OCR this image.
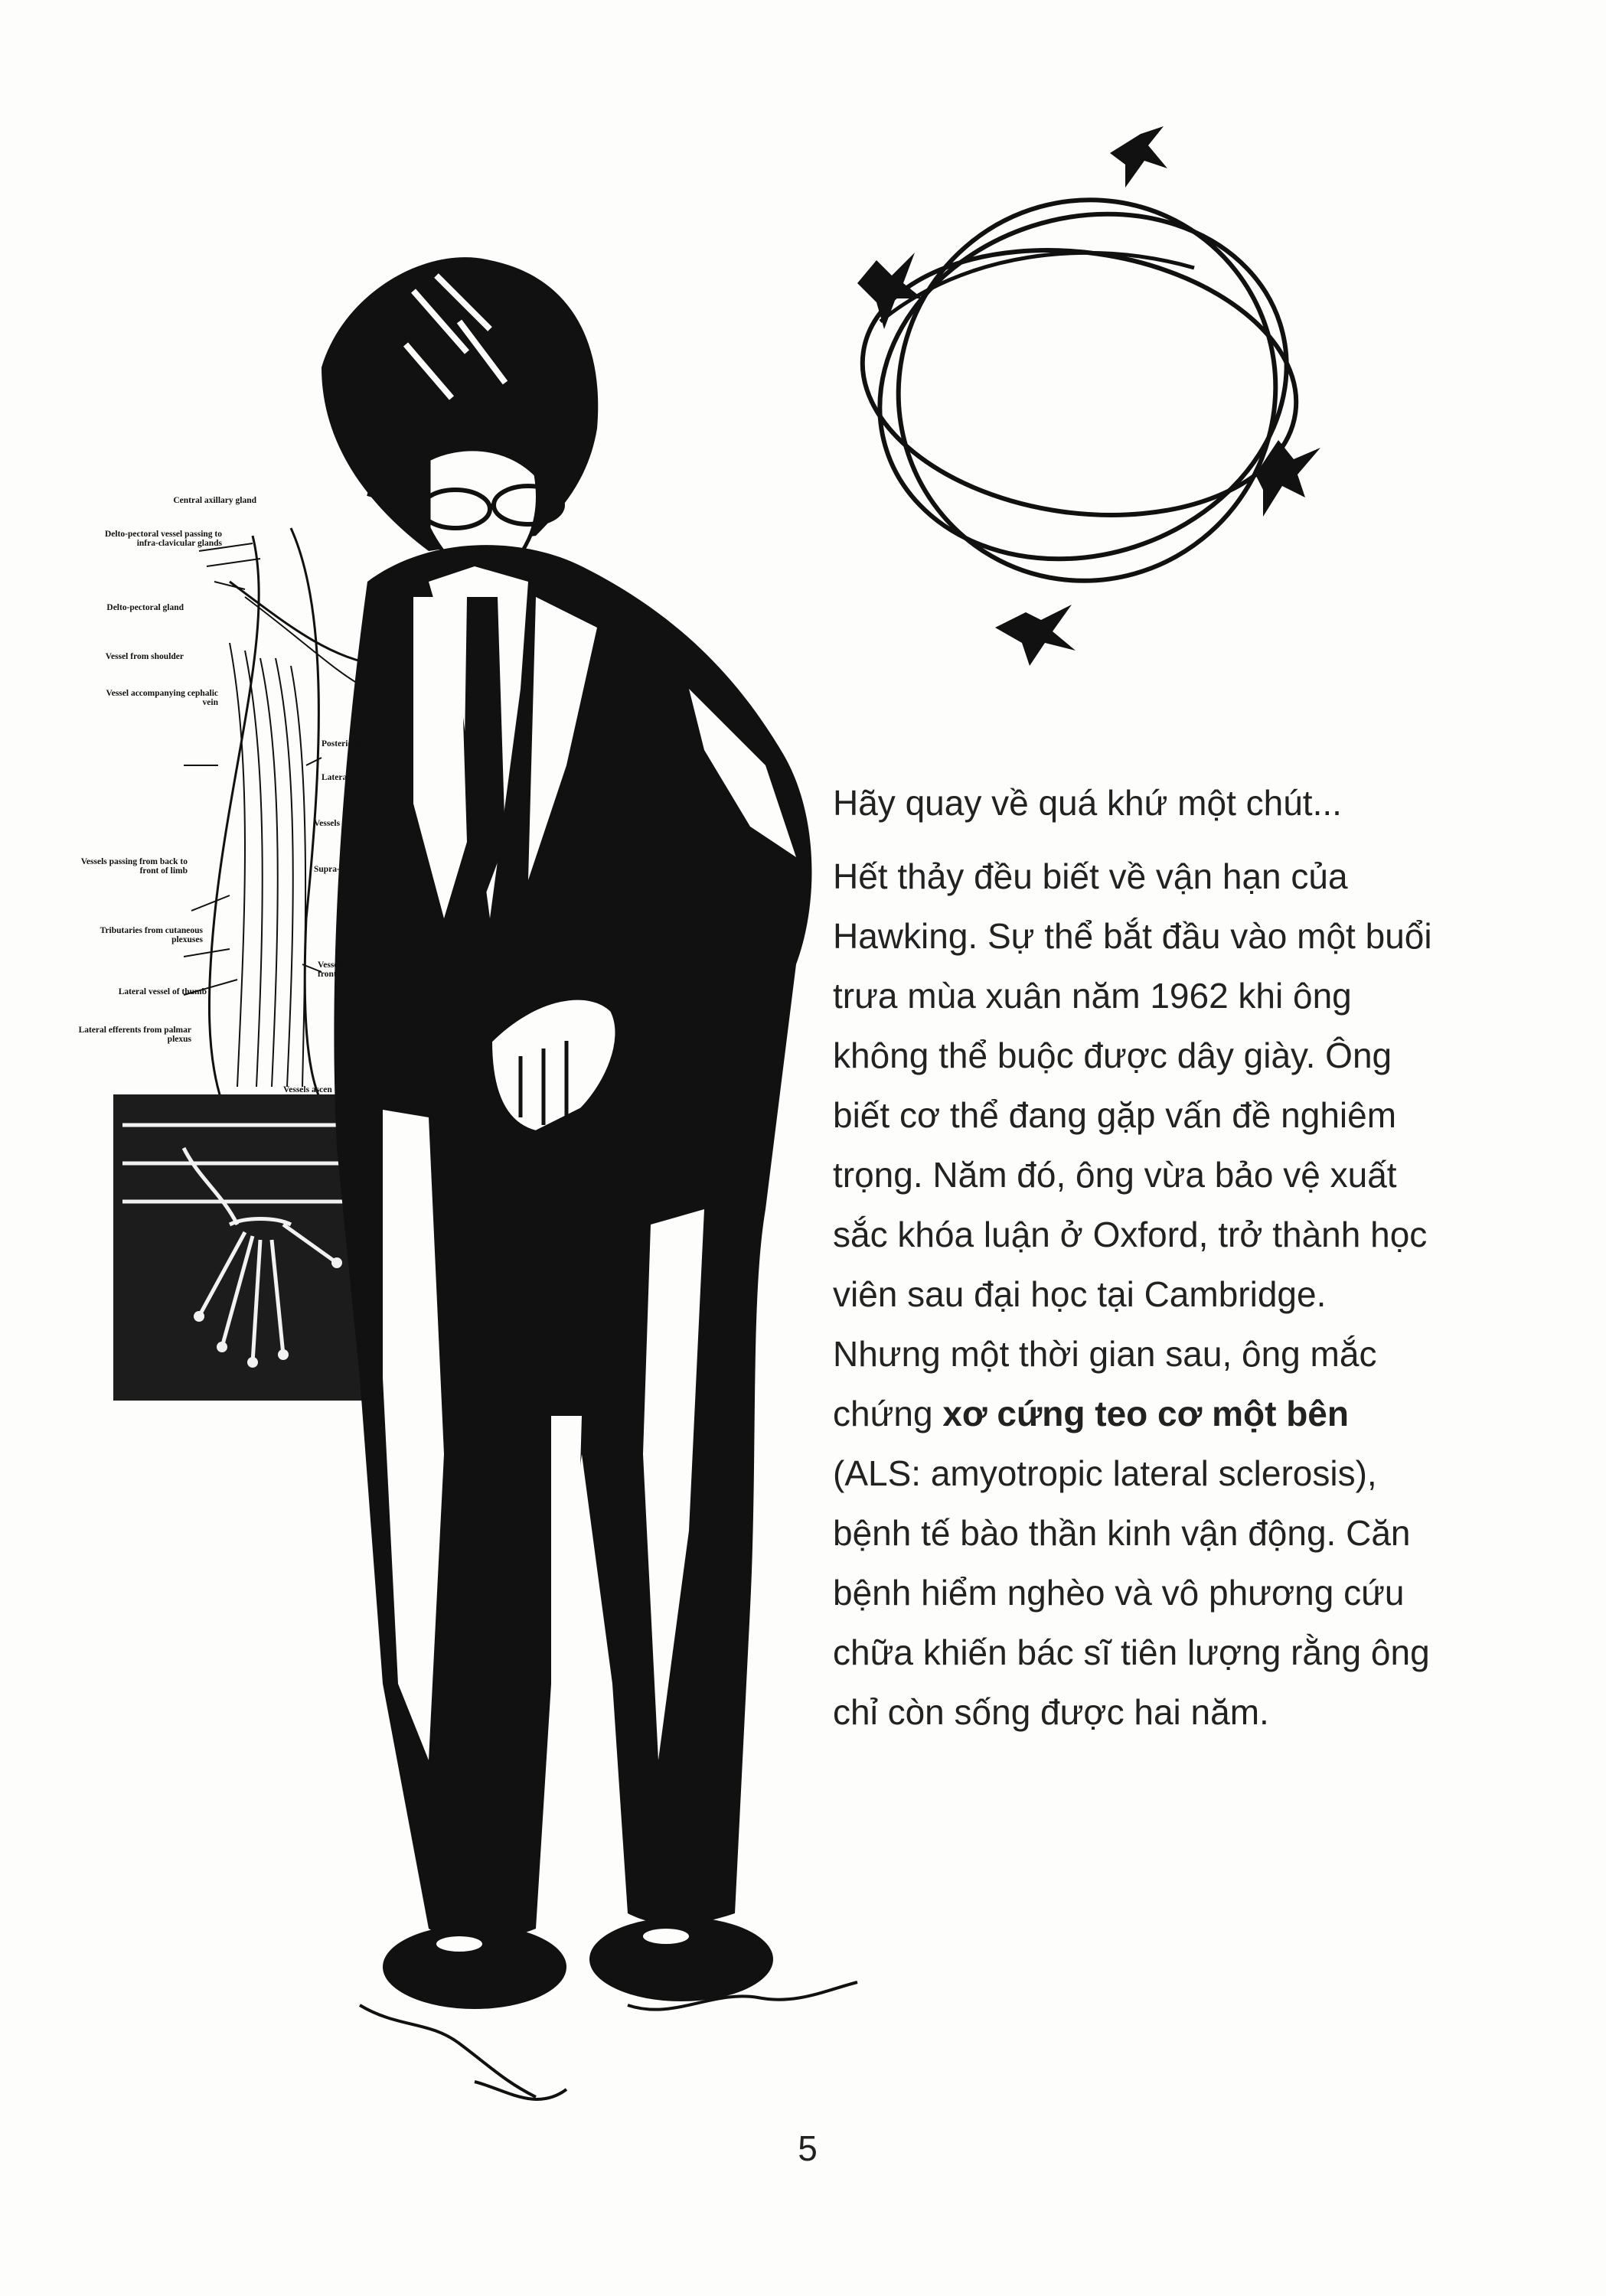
Central axillary gland
Delto-pectoral vessel passing to infra-clavicular glands
Delto-pectoral gland
Vessel from shoulder
Vessel accompanying cephalic vein
Posterio gland
Lateral s gland
Vessels a ing basili
Supra-trc glands
Vessels passing from back to front of limb
Tributaries from cutaneous plexuses
Vessels from ba front of
Lateral vessel of thumb
Lateral efferents from palmar plexus
Vessels ascen

Hãy quay về quá khứ một chút...

Hết thảy đều biết về vận hạn của Hawking. Sự thể bắt đầu vào một buổi trưa mùa xuân năm 1962 khi ông không thể buộc được dây giày. Ông biết cơ thể đang gặp vấn đề nghiêm trọng. Năm đó, ông vừa bảo vệ xuất sắc khóa luận ở Oxford, trở thành học viên sau đại học tại Cambridge. Nhưng một thời gian sau, ông mắc chứng xơ cứng teo cơ một bên (ALS: amyotropic lateral sclerosis), bệnh tế bào thần kinh vận động. Căn bệnh hiểm nghèo và vô phương cứu chữa khiến bác sĩ tiên lượng rằng ông chỉ còn sống được hai năm.

5
